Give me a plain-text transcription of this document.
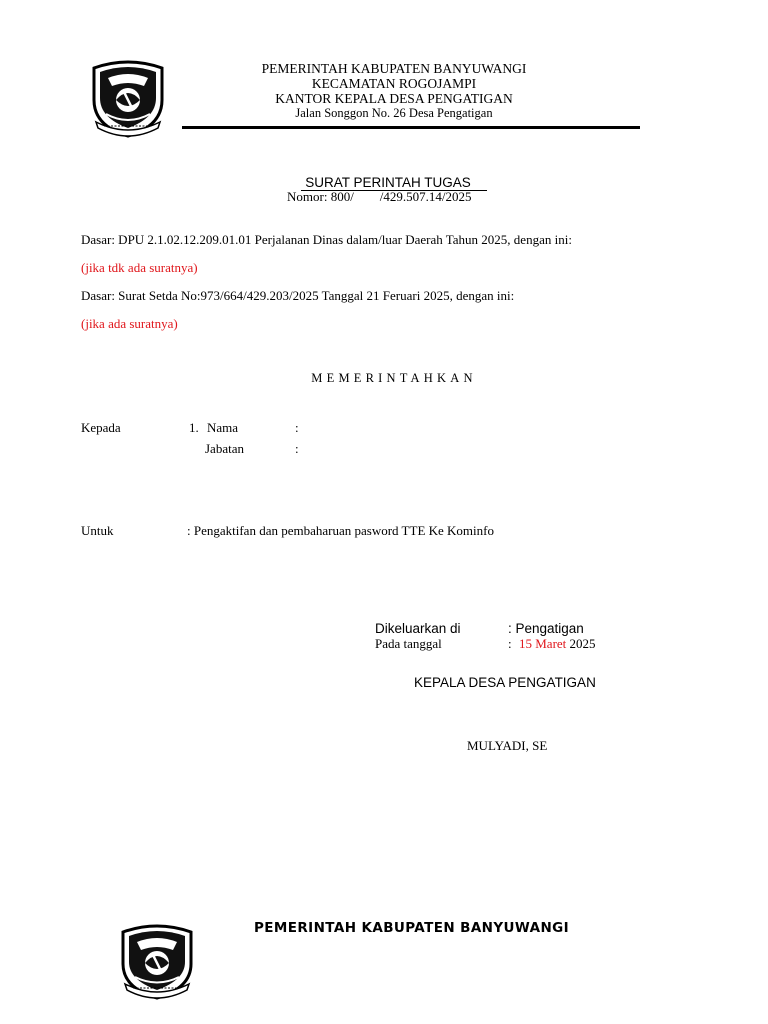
PEMERINTAH KABUPATEN BANYUWANGI
KECAMATAN ROGOJAMPI
KANTOR KEPALA DESA PENGATIGAN
Jalan Songgon No. 26 Desa Pengatigan
SURAT PERINTAH TUGAS
Nomor: 800/        /429.507.14/2025
Dasar: DPU 2.1.02.12.209.01.01 Perjalanan Dinas dalam/luar Daerah Tahun 2025, dengan ini:
(jika tdk ada suratnya)
Dasar: Surat Setda No:973/664/429.203/2025 Tanggal 21 Feruari 2025, dengan ini:
(jika ada suratnya)
MEMERINTAHKAN
Kepada	1. Nama	:
Jabatan	:
Untuk	: Pengaktifan dan pembaharuan pasword TTE Ke Kominfo
Dikeluarkan di	: Pengatigan
Pada tanggal	: 15 Maret 2025
KEPALA DESA PENGATIGAN
MULYADI, SE
PEMERINTAH KABUPATEN BANYUWANGI
